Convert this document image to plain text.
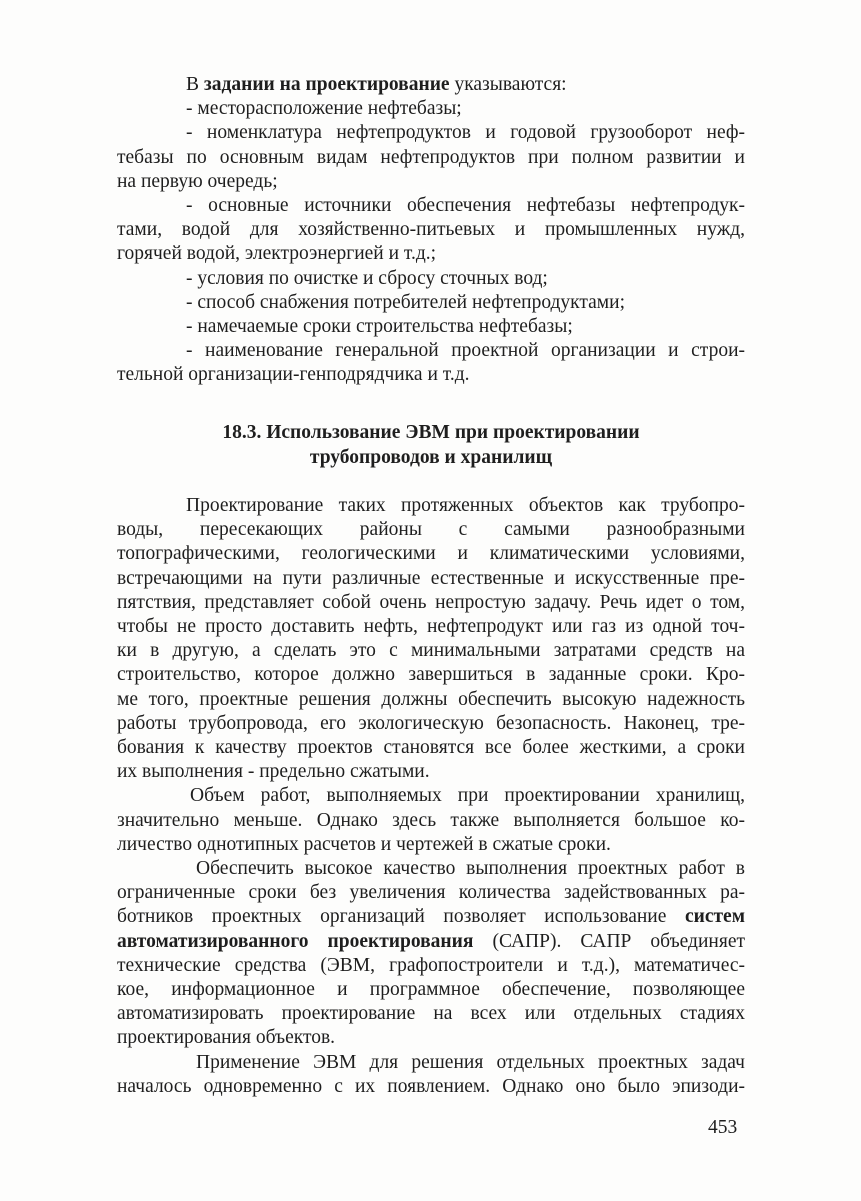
В задании на проектирование указываются:
- месторасположение нефтебазы;
- номенклатура нефтепродуктов и годовой грузооборот неф-
тебазы по основным видам нефтепродуктов при полном развитии и
на первую очередь;
- основные источники обеспечения нефтебазы нефтепродук-
тами, водой для хозяйственно-питьевых и промышленных нужд,
горячей водой, электроэнергией и т.д.;
- условия по очистке и сбросу сточных вод;
- способ снабжения потребителей нефтепродуктами;
- намечаемые сроки строительства нефтебазы;
- наименование генеральной проектной организации и строи-
тельной организации-генподрядчика и т.д.
18.3. Использование ЭВМ при проектировании
трубопроводов и хранилищ
Проектирование таких протяженных объектов как трубопро-
воды, пересекающих районы с самыми разнообразными
топографическими, геологическими и климатическими условиями,
встречающими на пути различные естественные и искусственные пре-
пятствия, представляет собой очень непростую задачу. Речь идет о том,
чтобы не просто доставить нефть, нефтепродукт или газ из одной точ-
ки в другую, а сделать это с минимальными затратами средств на
строительство, которое должно завершиться в заданные сроки. Кро-
ме того, проектные решения должны обеспечить высокую надежность
работы трубопровода, его экологическую безопасность. Наконец, тре-
бования к качеству проектов становятся все более жесткими, а сроки
их выполнения - предельно сжатыми.
Объем работ, выполняемых при проектировании хранилищ,
значительно меньше. Однако здесь также выполняется большое ко-
личество однотипных расчетов и чертежей в сжатые сроки.
Обеспечить высокое качество выполнения проектных работ в
ограниченные сроки без увеличения количества задействованных ра-
ботников проектных организаций позволяет использование систем
автоматизированного проектирования (САПР). САПР объединяет
технические средства (ЭВМ, графопостроители и т.д.), математичес-
кое, информационное и программное обеспечение, позволяющее
автоматизировать проектирование на всех или отдельных стадиях
проектирования объектов.
Применение ЭВМ для решения отдельных проектных задач
началось одновременно с их появлением. Однако оно было эпизоди-
453
